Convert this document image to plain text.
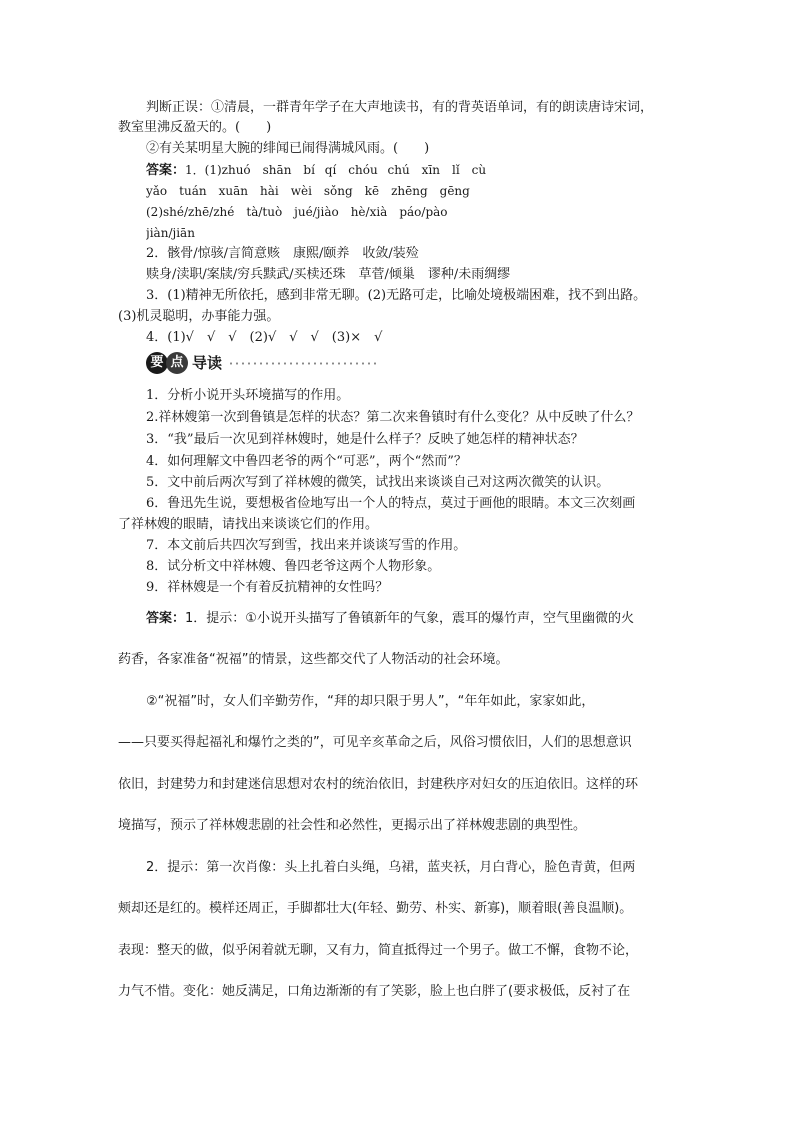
判断正误：①清晨，一群青年学子在大声地读书，有的背英语单词，有的朗读唐诗宋词，
教室里沸反盈天的。(　　)
②有关某明星大腕的绯闻已闹得满城风雨。(　　)
答案：1．(1)zhuó　shān　bí qí　chóu chú　xīn　lǐ　cù
yǎo　tuán　xuān　hài　wèi　sǒng　kē　zhēng　gēng
(2)shé/zhē/zhé　tà/tuò　jué/jiào　hè/xià　páo/pào
jiàn/jiān
2．骸骨/惊骇/言简意赅　康熙/颐养　收敛/装殓
赎身/渎职/案牍/穷兵黩武/买椟还珠　草菅/倾巢　谬种/未雨绸缪
3．(1)精神无所依托，感到非常无聊。(2)无路可走，比喻处境极端困难，找不到出路。
(3)机灵聪明，办事能力强。
4．(1)√　√　√　(2)√　√　√　(3)×　√
要 点 导读
1．分析小说开头环境描写的作用。
2.祥林嫂第一次到鲁镇是怎样的状态？第二次来鲁镇时有什么变化？从中反映了什么？
3．“我”最后一次见到祥林嫂时，她是什么样子？反映了她怎样的精神状态？
4．如何理解文中鲁四老爷的两个“可恶”，两个“然而”？
5．文中前后两次写到了祥林嫂的微笑，试找出来谈谈自己对这两次微笑的认识。
6．鲁迅先生说，要想极省俭地写出一个人的特点，莫过于画他的眼睛。本文三次刻画
了祥林嫂的眼睛，请找出来谈谈它们的作用。
7．本文前后共四次写到雪，找出来并谈谈写雪的作用。
8．试分析文中祥林嫂、鲁四老爷这两个人物形象。
9．祥林嫂是一个有着反抗精神的女性吗？
答案：1．提示：①小说开头描写了鲁镇新年的气象，震耳的爆竹声，空气里幽微的火
药香，各家准备“祝福”的情景，这些都交代了人物活动的社会环境。
②“祝福”时，女人们辛勤劳作，“拜的却只限于男人”，“年年如此，家家如此，
——只要买得起福礼和爆竹之类的”，可见辛亥革命之后，风俗习惯依旧，人们的思想意识
依旧，封建势力和封建迷信思想对农村的统治依旧，封建秩序对妇女的压迫依旧。这样的环
境描写，预示了祥林嫂悲剧的社会性和必然性，更揭示出了祥林嫂悲剧的典型性。
2．提示：第一次肖像：头上扎着白头绳，乌裙，蓝夹袄，月白背心，脸色青黄，但两
颊却还是红的。模样还周正，手脚都壮大(年轻、勤劳、朴实、新寡)，顺着眼(善良温顺)。
表现：整天的做，似乎闲着就无聊，又有力，简直抵得过一个男子。做工不懈，食物不论，
力气不惜。变化：她反满足，口角边渐渐的有了笑影，脸上也白胖了(要求极低，反衬了在
